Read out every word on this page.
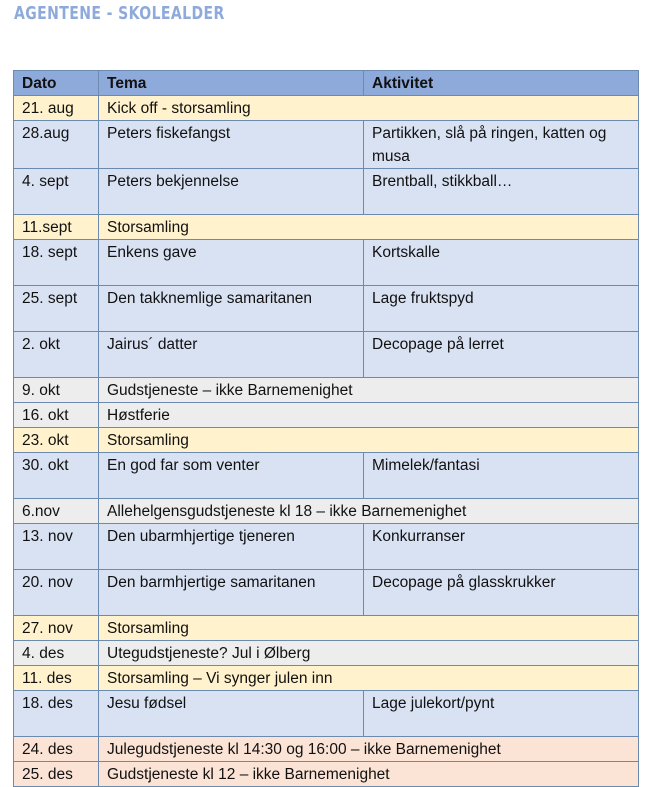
AGENTENE - SKOLEALDER
Dato	Tema	Aktivitet
21. aug	Kick off - storsamling	
28.aug	Peters fiskefangst	Partikken, slå på ringen, katten og musa
4. sept	Peters bekjennelse	Brentball, stikkball…
11.sept	Storsamling	
18. sept	Enkens gave	Kortskalle
25. sept	Den takknemlige samaritanen	Lage fruktspyd
2. okt	Jairus´ datter	Decopage på lerret
9. okt	Gudstjeneste – ikke Barnemenighet	
16. okt	Høstferie	
23. okt	Storsamling	
30. okt	En god far som venter	Mimelek/fantasi
6.nov	Allehelgensgudstjeneste kl 18 – ikke Barnemenighet	
13. nov	Den ubarmhjertige tjeneren	Konkurranser
20. nov	Den barmhjertige samaritanen	Decopage på glasskrukker
27. nov	Storsamling	
4. des	Utegudstjeneste? Jul i Ølberg	
11. des	Storsamling – Vi synger julen inn	
18. des	Jesu fødsel	Lage julekort/pynt
24. des	Julegudstjeneste kl 14:30 og 16:00 – ikke Barnemenighet	
25. des	Gudstjeneste kl 12 – ikke Barnemenighet	
